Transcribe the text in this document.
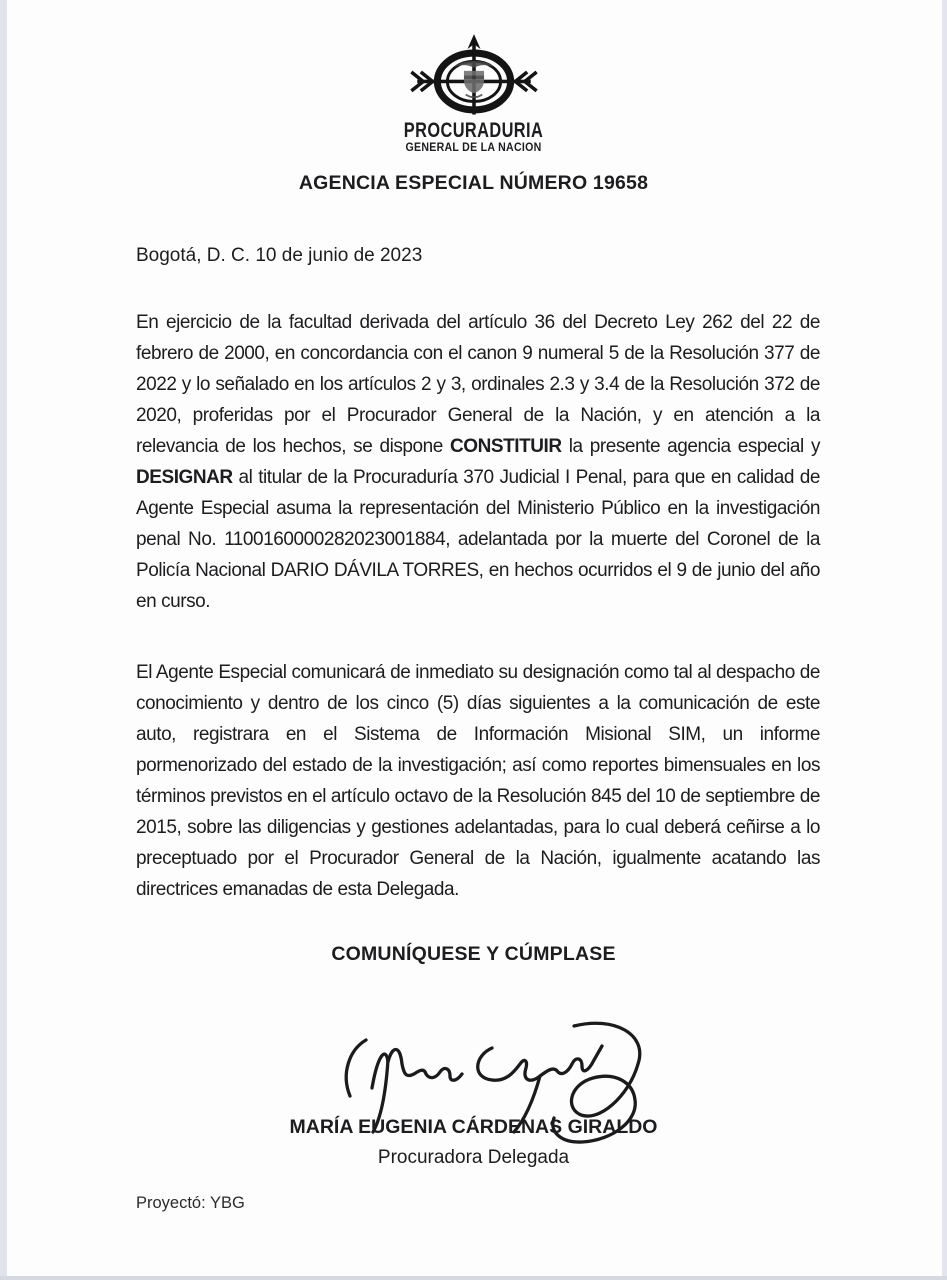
PROCURADURIA
GENERAL DE LA NACION
AGENCIA ESPECIAL NÚMERO 19658
Bogotá, D. C. 10 de junio de 2023

En ejercicio de la facultad derivada del artículo 36 del Decreto Ley 262 del 22 de febrero de 2000, en concordancia con el canon 9 numeral 5 de la Resolución 377 de 2022 y lo señalado en los artículos 2 y 3, ordinales 2.3 y 3.4 de la Resolución 372 de 2020, proferidas por el Procurador General de la Nación, y en atención a la relevancia de los hechos, se dispone CONSTITUIR la presente agencia especial y DESIGNAR al titular de la Procuraduría 370 Judicial I Penal, para que en calidad de Agente Especial asuma la representación del Ministerio Público en la investigación penal No. 1100160000282023001884, adelantada por la muerte del Coronel de la Policía Nacional DARIO DÁVILA TORRES, en hechos ocurridos el 9 de junio del año en curso.

El Agente Especial comunicará de inmediato su designación como tal al despacho de conocimiento y dentro de los cinco (5) días siguientes a la comunicación de este auto, registrara en el Sistema de Información Misional SIM, un informe pormenorizado del estado de la investigación; así como reportes bimensuales en los términos previstos en el artículo octavo de la Resolución 845 del 10 de septiembre de 2015, sobre las diligencias y gestiones adelantadas, para lo cual deberá ceñirse a lo preceptuado por el Procurador General de la Nación, igualmente acatando las directrices emanadas de esta Delegada.

COMUNÍQUESE Y CÚMPLASE
MARÍA EUGENIA CÁRDENAS GIRALDO
Procuradora Delegada
Proyectó: YBG
